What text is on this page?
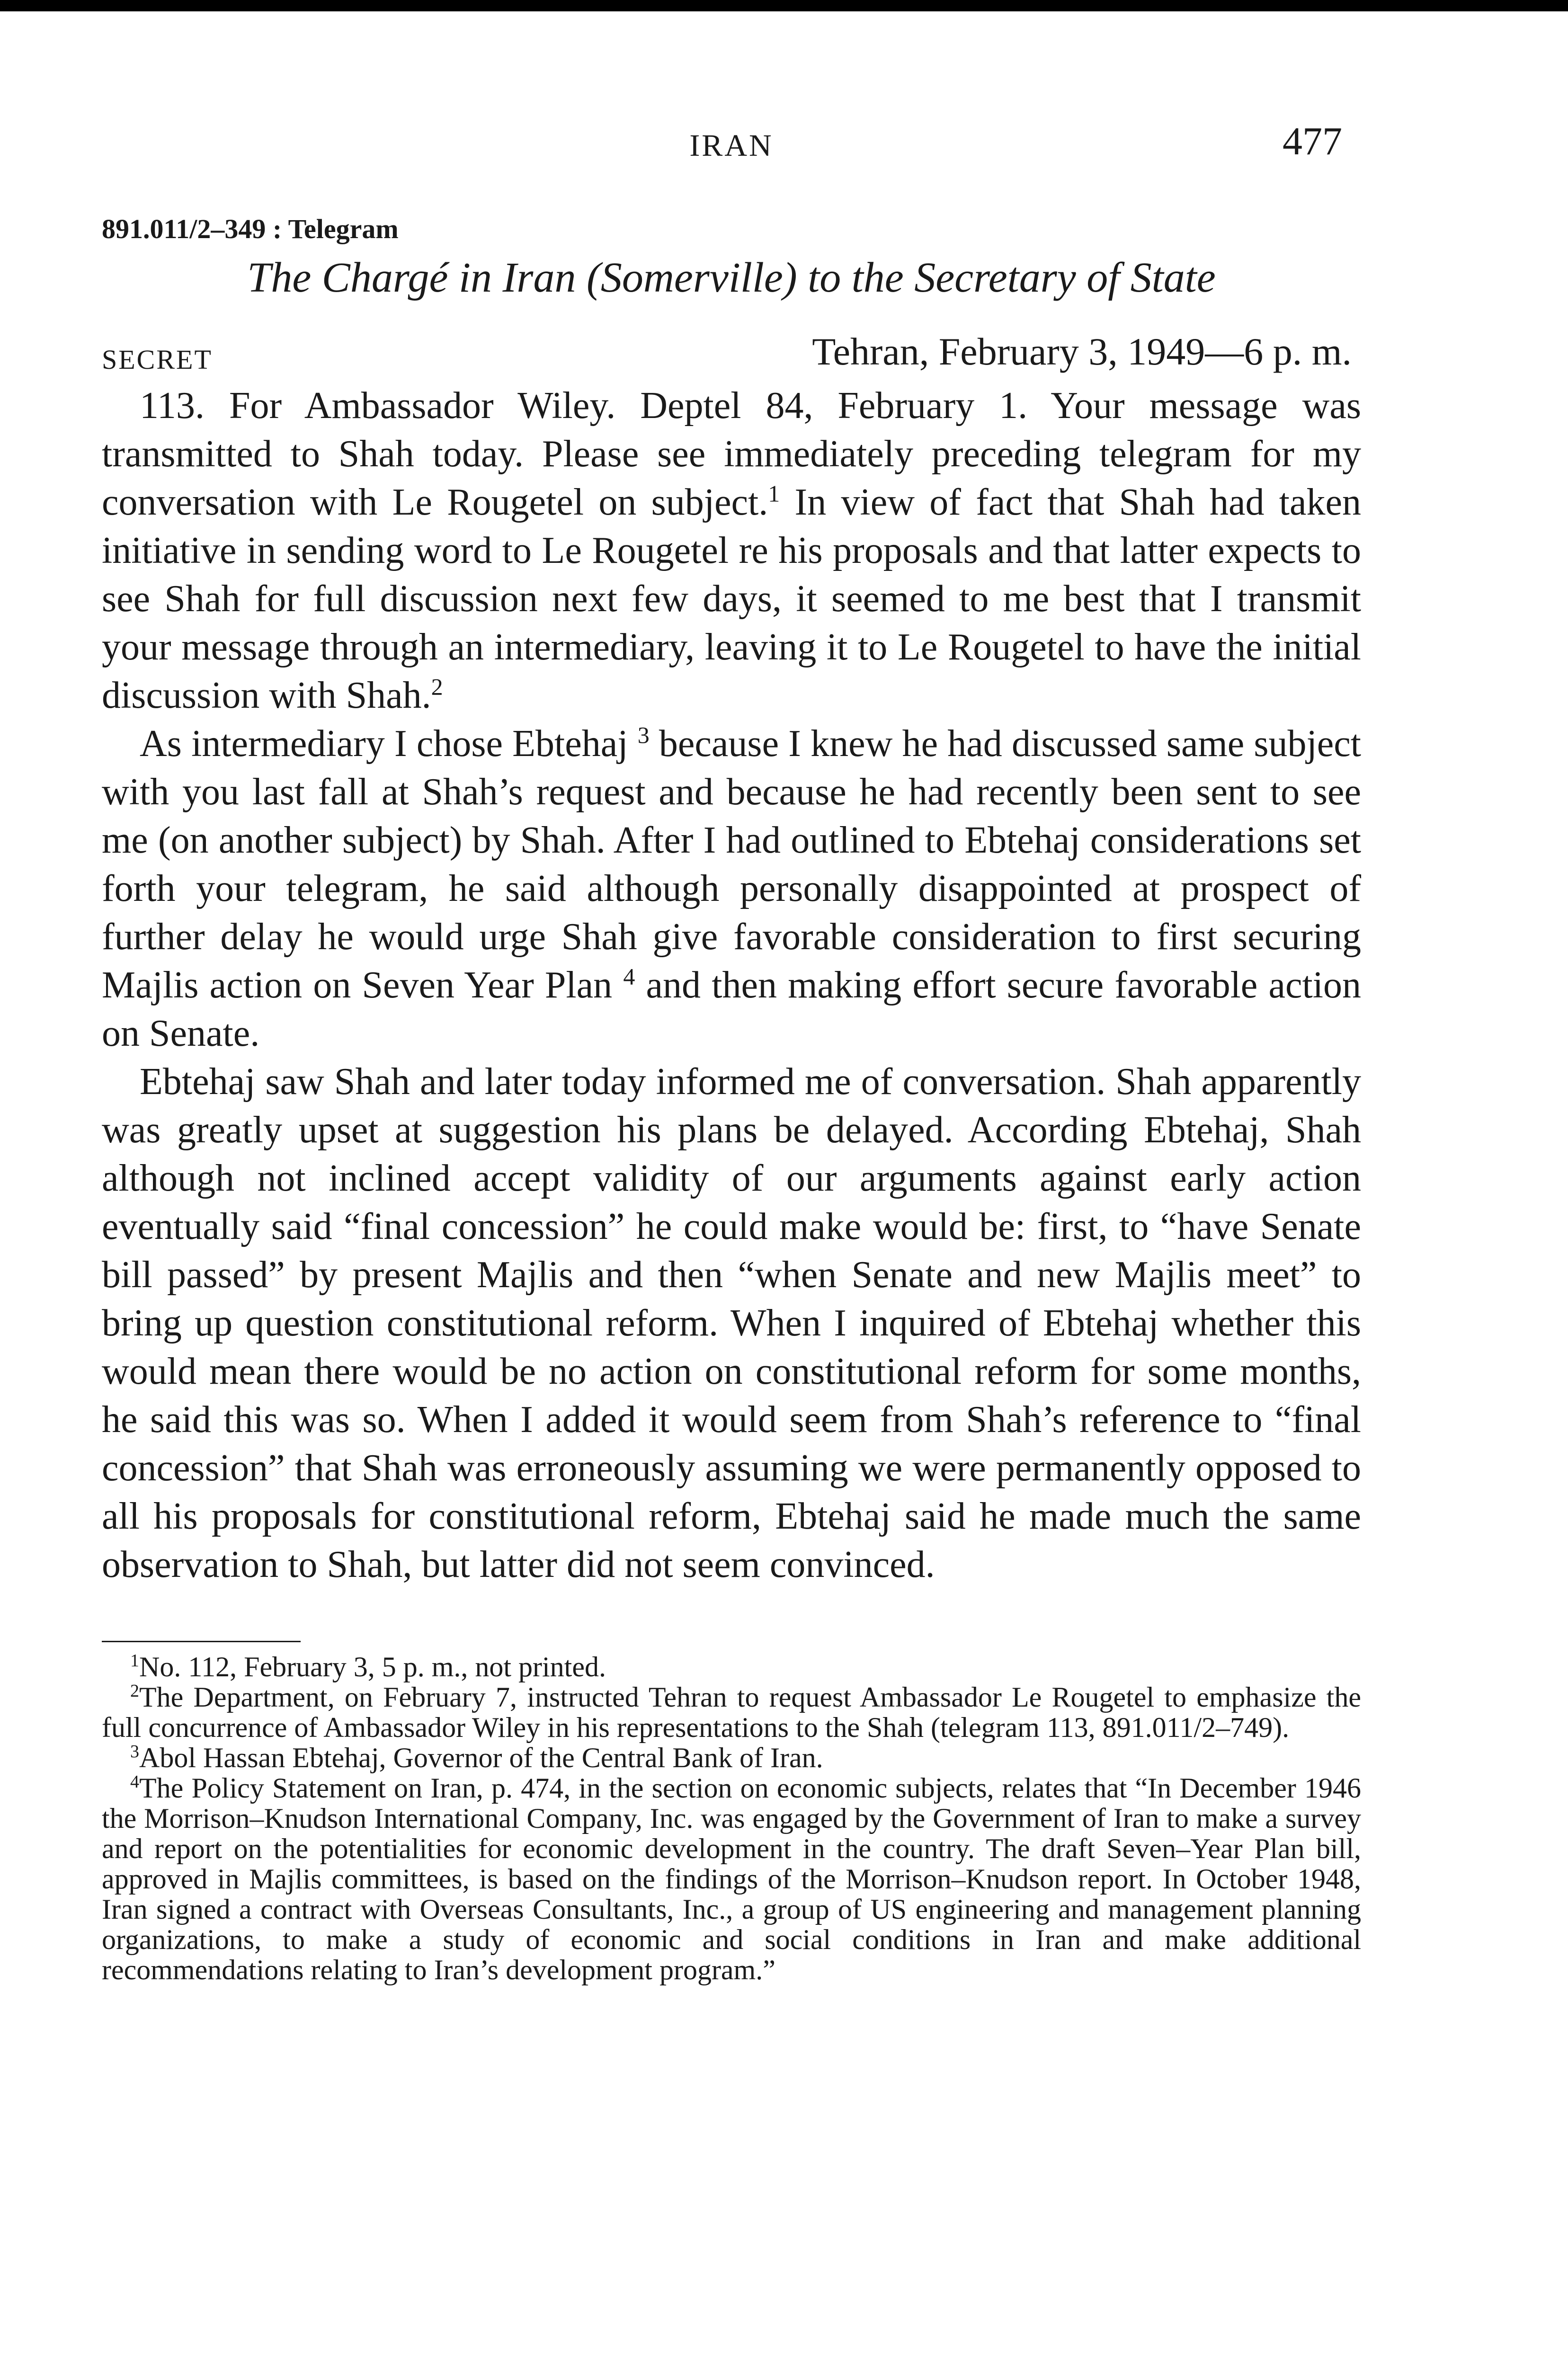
IRAN	477
891.011/2–349 : Telegram
The Chargé in Iran (Somerville) to the Secretary of State
SECRET	Tehran, February 3, 1949—6 p. m.

113. For Ambassador Wiley. Deptel 84, February 1. Your message was transmitted to Shah today. Please see immediately preceding telegram for my conversation with Le Rougetel on subject.$^1$ In view of fact that Shah had taken initiative in sending word to Le Rougetel re his proposals and that latter expects to see Shah for full discussion next few days, it seemed to me best that I transmit your message through an intermediary, leaving it to Le Rougetel to have the initial discussion with Shah.$^2$

As intermediary I chose Ebtehaj $^3$ because I knew he had discussed same subject with you last fall at Shah’s request and because he had recently been sent to see me (on another subject) by Shah. After I had outlined to Ebtehaj considerations set forth your telegram, he said although personally disappointed at prospect of further delay he would urge Shah give favorable consideration to first securing Majlis action on Seven Year Plan $^4$ and then making effort secure favorable action on Senate.

Ebtehaj saw Shah and later today informed me of conversation. Shah apparently was greatly upset at suggestion his plans be delayed. According Ebtehaj, Shah although not inclined accept validity of our arguments against early action eventually said “final concession” he could make would be: first, to “have Senate bill passed” by present Majlis and then “when Senate and new Majlis meet” to bring up question constitutional reform. When I inquired of Ebtehaj whether this would mean there would be no action on constitutional reform for some months, he said this was so. When I added it would seem from Shah’s reference to “final concession” that Shah was erroneously assuming we were permanently opposed to all his proposals for constitutional reform, Ebtehaj said he made much the same observation to Shah, but latter did not seem convinced.

$^1$No. 112, February 3, 5 p. m., not printed.

$^2$The Department, on February 7, instructed Tehran to request Ambassador Le Rougetel to emphasize the full concurrence of Ambassador Wiley in his representations to the Shah (telegram 113, 891.011/2–749).

$^3$Abol Hassan Ebtehaj, Governor of the Central Bank of Iran.

$^4$The Policy Statement on Iran, p. 474, in the section on economic subjects, relates that “In December 1946 the Morrison–Knudson International Company, Inc. was engaged by the Government of Iran to make a survey and report on the potentialities for economic development in the country. The draft Seven–Year Plan bill, approved in Majlis committees, is based on the findings of the Morrison–Knudson report. In October 1948, Iran signed a contract with Overseas Consultants, Inc., a group of US engineering and management planning organizations, to make a study of economic and social conditions in Iran and make additional recommendations relating to Iran’s development program.”
